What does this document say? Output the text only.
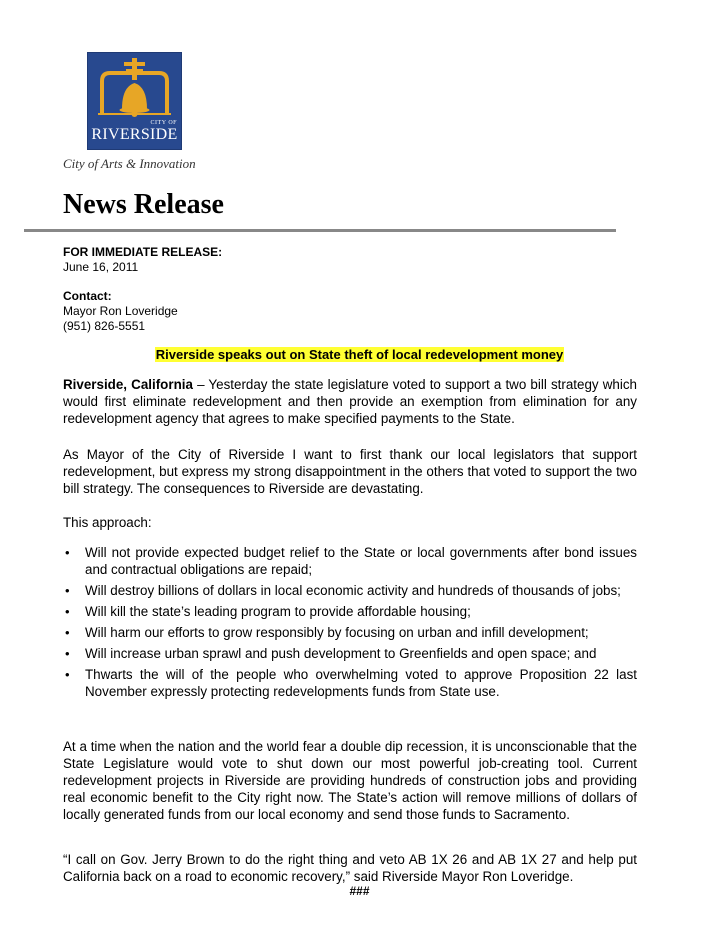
CITY OF
RIVERSIDE
City of Arts & Innovation
News Release
FOR IMMEDIATE RELEASE:
June 16, 2011
Contact:
Mayor Ron Loveridge
(951) 826-5551
Riverside speaks out on State theft of local redevelopment money
Riverside, California – Yesterday the state legislature voted to support a two bill strategy which would first eliminate redevelopment and then provide an exemption from elimination for any redevelopment agency that agrees to make specified payments to the State.
As Mayor of the City of Riverside I want to first thank our local legislators that support redevelopment, but express my strong disappointment in the others that voted to support the two bill strategy. The consequences to Riverside are devastating.
This approach:
• Will not provide expected budget relief to the State or local governments after bond issues and contractual obligations are repaid;
• Will destroy billions of dollars in local economic activity and hundreds of thousands of jobs;
• Will kill the state’s leading program to provide affordable housing;
• Will harm our efforts to grow responsibly by focusing on urban and infill development;
• Will increase urban sprawl and push development to Greenfields and open space; and
• Thwarts the will of the people who overwhelming voted to approve Proposition 22 last November expressly protecting redevelopments funds from State use.
At a time when the nation and the world fear a double dip recession, it is unconscionable that the State Legislature would vote to shut down our most powerful job-creating tool. Current redevelopment projects in Riverside are providing hundreds of construction jobs and providing real economic benefit to the City right now. The State’s action will remove millions of dollars of locally generated funds from our local economy and send those funds to Sacramento.
“I call on Gov. Jerry Brown to do the right thing and veto AB 1X 26 and AB 1X 27 and help put California back on a road to economic recovery,” said Riverside Mayor Ron Loveridge.
###
